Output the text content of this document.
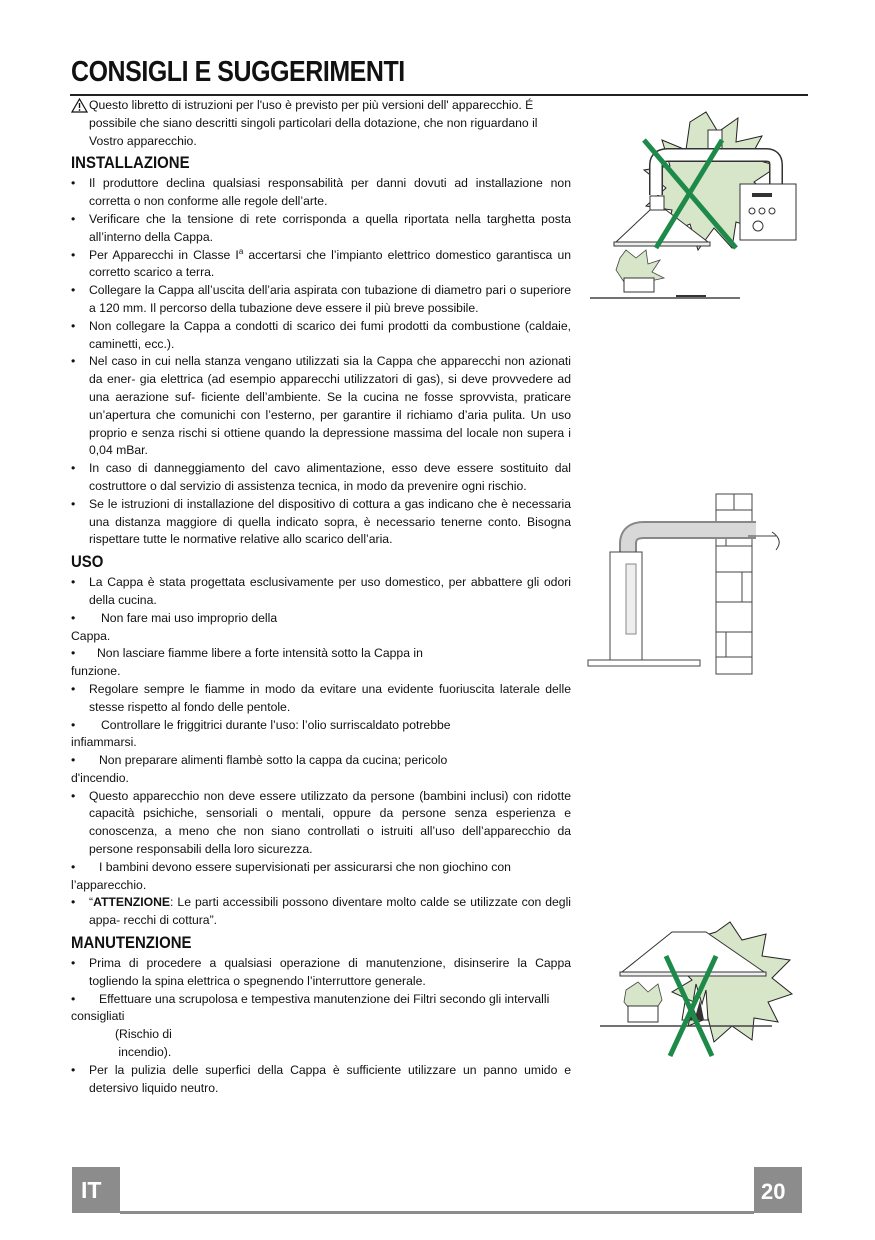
CONSIGLI E SUGGERIMENTI

Questo libretto di istruzioni per l'uso è previsto per più versioni dell' apparecchio. É possibile che siano descritti singoli particolari della dotazione, che non riguardano il Vostro apparecchio.

INSTALLAZIONE
• Il produttore declina qualsiasi responsabilità per danni dovuti ad installazione non corretta o non conforme alle regole dell’arte.
• Verificare che la tensione di rete corrisponda a quella riportata nella targhetta posta all’interno della Cappa.
• Per Apparecchi in Classe $I^a$ accertarsi che l’impianto elettrico domestico garantisca un corretto scarico a terra.
• Collegare la Cappa all’uscita dell’aria aspirata con tubazione di diametro pari o superiore a 120 mm. Il percorso della tubazione deve essere il più breve possibile.
• Non collegare la Cappa a condotti di scarico dei fumi prodotti da combustione (caldaie, caminetti, ecc.).
• Nel caso in cui nella stanza vengano utilizzati sia la Cappa che apparecchi non azionati da ener- gia elettrica (ad esempio apparecchi utilizzatori di gas), si deve provvedere ad una aerazione suf- ficiente dell’ambiente. Se la cucina ne fosse sprovvista, praticare un’apertura che comunichi con l’esterno, per garantire il richiamo d’aria pulita. Un uso proprio e senza rischi si ottiene quando la depressione massima del locale non supera i 0,04 mBar.
• In caso di danneggiamento del cavo alimentazione, esso deve essere sostituito dal costruttore o dal servizio di assistenza tecnica, in modo da prevenire ogni rischio.
• Se le istruzioni di installazione del dispositivo di cottura a gas indicano che è necessaria una distanza maggiore di quella indicato sopra, è necessario tenerne conto. Bisogna rispettare tutte le normative relative allo scarico dell’aria.
USO
• La Cappa è stata progettata esclusivamente per uso domestico, per abbattere gli odori della cucina.
• Non fare mai uso improprio della
Cappa.
• Non lasciare fiamme libere a forte intensità sotto la Cappa in
funzione.
• Regolare sempre le fiamme in modo da evitare una evidente fuoriuscita laterale delle stesse rispetto al fondo delle pentole.
• Controllare le friggitrici durante l’uso: l’olio surriscaldato potrebbe
infiammarsi.
• Non preparare alimenti flambè sotto la cappa da cucina; pericolo
d'incendio.
• Questo apparecchio non deve essere utilizzato da persone (bambini inclusi) con ridotte capacità psichiche, sensoriali o mentali, oppure da persone senza esperienza e conoscenza, a meno che non siano controllati o istruiti all’uso dell’apparecchio da persone responsabili della loro sicurezza.
• I bambini devono essere supervisionati per assicurarsi che non giochino con
l’apparecchio.
• “ATTENZIONE: Le parti accessibili possono diventare molto calde se utilizzate con degli appa- recchi di cottura”.
MANUTENZIONE
• Prima di procedere a qualsiasi operazione di manutenzione, disinserire la Cappa togliendo la spina elettrica o spegnendo l’interruttore generale.
• Effettuare una scrupolosa e tempestiva manutenzione dei Filtri secondo gli intervalli
consigliati

(Rischio di
incendio).

• Per la pulizia delle superfici della Cappa è sufficiente utilizzare un panno umido e detersivo liquido neutro.
IT	20
